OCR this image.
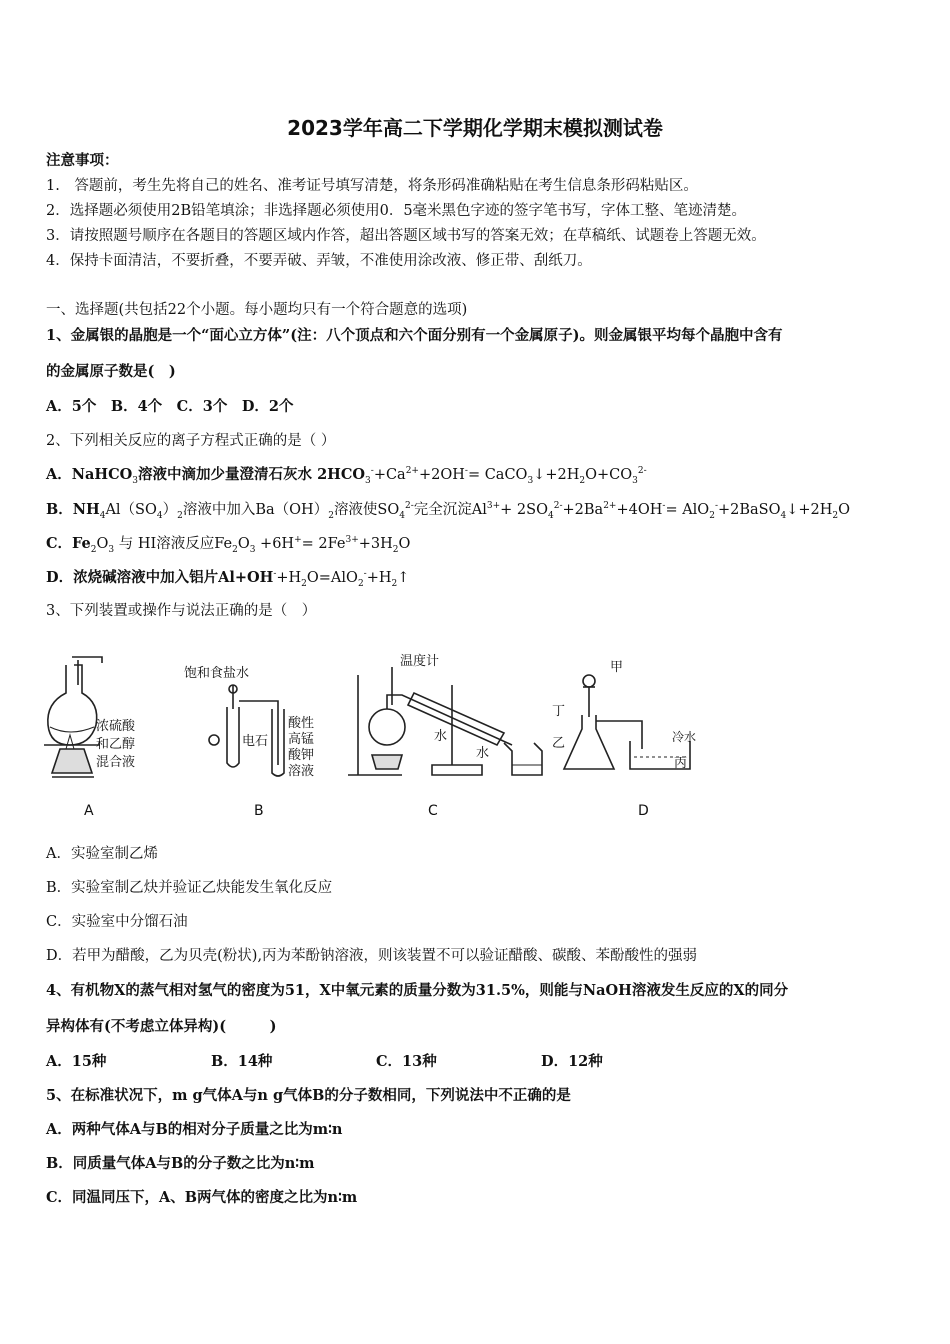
2023学年高二下学期化学期末模拟测试卷
注意事项：
1.　答题前，考生先将自己的姓名、准考证号填写清楚，将条形码准确粘贴在考生信息条形码粘贴区。
2．选择题必须使用2B铅笔填涂；非选择题必须使用0．5毫米黑色字迹的签字笔书写，字体工整、笔迹清楚。
3．请按照题号顺序在各题目的答题区域内作答，超出答题区域书写的答案无效；在草稿纸、试题卷上答题无效。
4．保持卡面清洁，不要折叠，不要弄破、弄皱，不准使用涂改液、修正带、刮纸刀。
一、选择题(共包括22个小题。每小题均只有一个符合题意的选项)
1、金属银的晶胞是一个“面心立方体”(注：八个顶点和六个面分别有一个金属原子)。则金属银平均每个晶胞中含有
的金属原子数是(　)
A．5个　B．4个　C．3个　D．2个
2、下列相关反应的离子方程式正确的是（ ）
A．NaHCO$_3$溶液中滴加少量澄清石灰水 $2HCO_3^-+Ca^{2+}+2OH^-=$ $CaCO_3↓+2H_2O+CO_3^{2-}$
B．$NH_4Al(SO_4)_2$溶液中加入$Ba(OH)_2$溶液使$SO_4^{2-}$完全沉淀$Al^{3+}+ 2SO_4^{2-}+2Ba^{2+}+4OH^-=$ $AlO_2^-+2BaSO_4↓+2H_2O$
C．$Fe_2O_3$ 与 HI溶液反应$Fe_2O_3 +6H^+= 2Fe^{3+}+3H_2O$
D．浓烧碱溶液中加入铝片$Al+OH^-+H_2O=AlO_2^-+H_2↑$
3、下列装置或操作与说法正确的是（　）
浓硫酸
和乙醇
混合液
A
饱和食盐水
电石
酸性
高锰
酸钾
溶液
B
温度计
水
水
C
甲
丁
乙	冷水
丙
D
A．实验室制乙烯
B．实验室制乙炔并验证乙炔能发生氧化反应
C．实验室中分馏石油
D．若甲为醋酸，乙为贝壳(粉状),丙为苯酚钠溶液，则该装置不可以验证醋酸、碳酸、苯酚酸性的强弱
4、有机物X的蒸气相对氢气的密度为51，X中氧元素的质量分数为31.5%，则能与NaOH溶液发生反应的X的同分
异构体有(不考虑立体异构)(　　　)
A．15种	B．14种	C．13种	D．12种
5、在标准状况下，m g气体A与n g气体B的分子数相同，下列说法中不正确的是
A．两种气体A与B的相对分子质量之比为m∶n
B．同质量气体A与B的分子数之比为n∶m
C．同温同压下，A、B两气体的密度之比为n∶m
